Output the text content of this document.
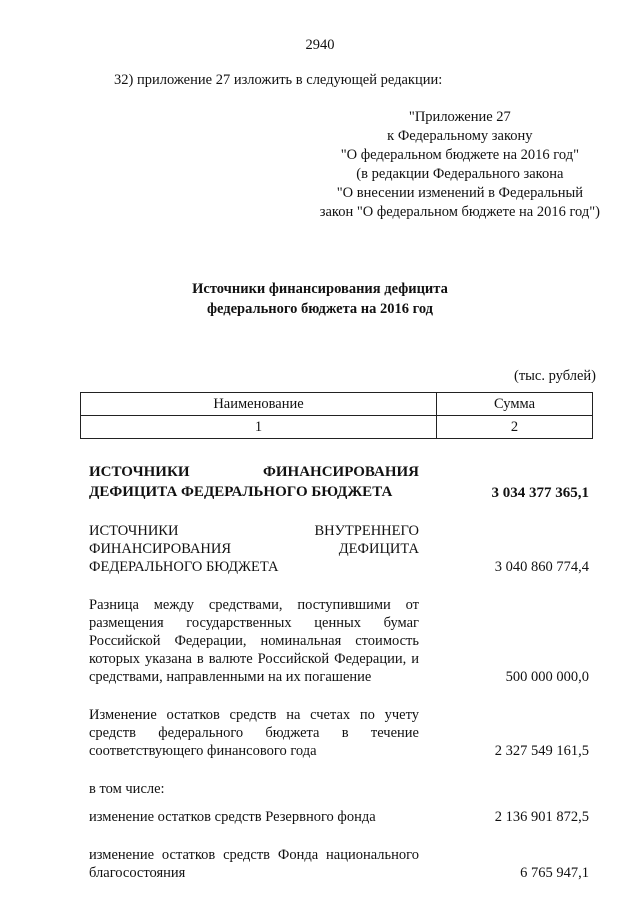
2940
32) приложение 27 изложить в следующей редакции:
"Приложение 27
к Федеральному закону
"О федеральном бюджете на 2016 год"
(в редакции Федерального закона
"О внесении изменений в Федеральный
закон "О федеральном бюджете на 2016 год")
Источники финансирования дефицита
федерального бюджета на 2016 год
(тыс. рублей)
Наименование	Сумма
1	2
ИСТОЧНИКИ ФИНАНСИРОВАНИЯ ДЕФИЦИТА ФЕДЕРАЛЬНОГО БЮДЖЕТА	3 034 377 365,1
ИСТОЧНИКИ ВНУТРЕННЕГО ФИНАНСИРОВАНИЯ ДЕФИЦИТА ФЕДЕРАЛЬНОГО БЮДЖЕТА	3 040 860 774,4
Разница между средствами, поступившими от размещения государственных ценных бумаг Российской Федерации, номинальная стоимость которых указана в валюте Российской Федерации, и средствами, направленными на их погашение	500 000 000,0
Изменение остатков средств на счетах по учету средств федерального бюджета в течение соответствующего финансового года	2 327 549 161,5
в том числе:
изменение остатков средств Резервного фонда	2 136 901 872,5
изменение остатков средств Фонда национального благосостояния	6 765 947,1
